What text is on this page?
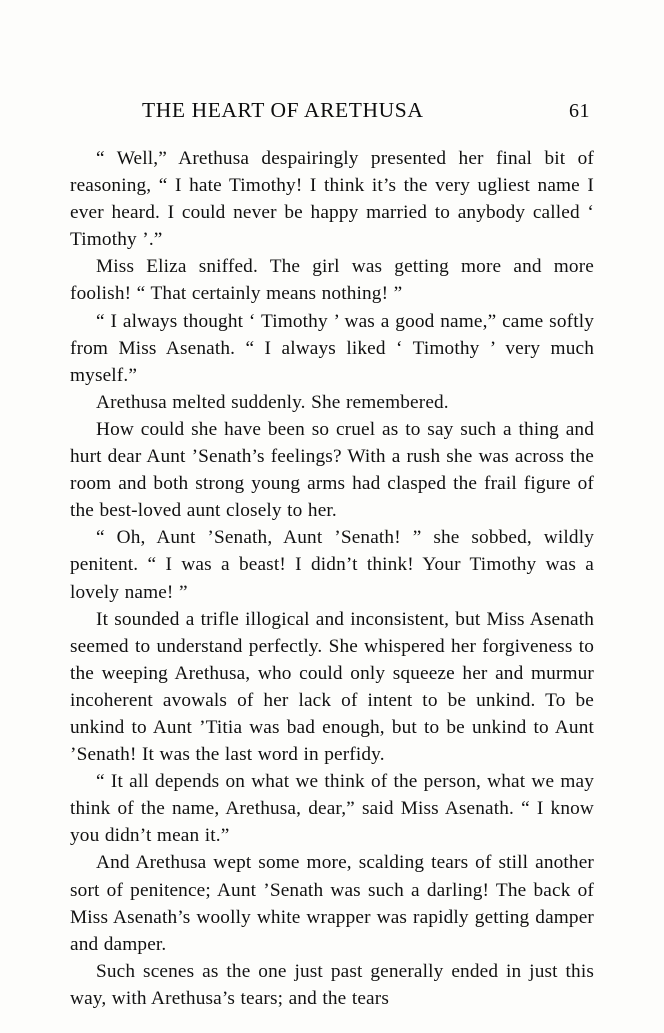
THE HEART OF ARETHUSA	61

“ Well,” Arethusa despairingly presented her final bit of reasoning, “ I hate Timothy! I think it’s the very ugliest name I ever heard. I could never be happy married to anybody called ‘ Timothy ’.”

Miss Eliza sniffed. The girl was getting more and more foolish! “ That certainly means nothing! ”

“ I always thought ‘ Timothy ’ was a good name,” came softly from Miss Asenath. “ I always liked ‘ Timothy ’ very much myself.”

Arethusa melted suddenly. She remembered.

How could she have been so cruel as to say such a thing and hurt dear Aunt ’Senath’s feelings? With a rush she was across the room and both strong young arms had clasped the frail figure of the best-loved aunt closely to her.

“ Oh, Aunt ’Senath, Aunt ’Senath! ” she sobbed, wildly penitent. “ I was a beast! I didn’t think! Your Timothy was a lovely name! ”

It sounded a trifle illogical and inconsistent, but Miss Asenath seemed to understand perfectly. She whispered her forgiveness to the weeping Arethusa, who could only squeeze her and murmur incoherent avowals of her lack of intent to be unkind. To be unkind to Aunt ’Titia was bad enough, but to be unkind to Aunt ’Senath! It was the last word in perfidy.

“ It all depends on what we think of the person, what we may think of the name, Arethusa, dear,” said Miss Asenath. “ I know you didn’t mean it.”

And Arethusa wept some more, scalding tears of still another sort of penitence; Aunt ’Senath was such a darling! The back of Miss Asenath’s woolly white wrapper was rapidly getting damper and damper.

Such scenes as the one just past generally ended in just this way, with Arethusa’s tears; and the tears
